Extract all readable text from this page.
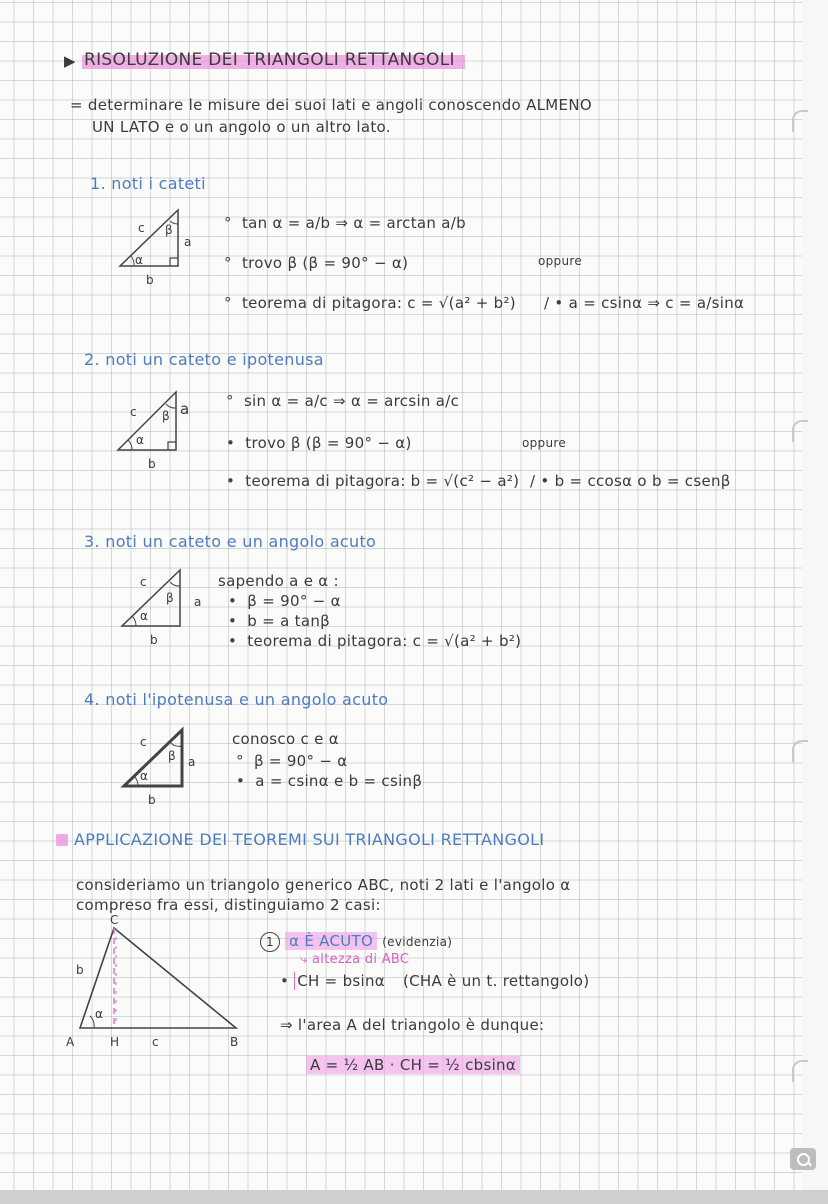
▶ RISOLUZIONE DEI TRIANGOLI RETTANGOLI
= determinare le misure dei suoi lati e angoli conoscendo ALMENO
UN LATO e o un angolo o un altro lato.
1. noti i cateti
c
a
b
α
β	°  tan α = a/b ⇒ α = arctan a/b
°  trovo β (β = 90° − α)	oppure
°  teorema di pitagora: c = √(a² + b²) / • a = csinα ⇒ c = a/sinα
2. noti un cateto e ipotenusa
c
b
α
β a °  sin α = a/c ⇒ α = arcsin a/c
•  trovo β (β = 90° − α)	oppure
•  teorema di pitagora: b = √(c² − a²) / • b = ccosα o b = csenβ
3. noti un cateto e un angolo acuto
c
a
b
α
β
sapendo a e α :
•  β = 90° − α
•  b = a tanβ
•  teorema di pitagora: c = √(a² + b²)
4. noti l'ipotenusa e un angolo acuto
c
a
b
α
β
conosco c e α
°  β = 90° − α
•  a = csinα e b = csinβ
APPLICAZIONE DEI TEOREMI SUI TRIANGOLI RETTANGOLI
consideriamo un triangolo generico ABC, noti 2 lati e l'angolo α
compreso fra essi, distinguiamo 2 casi:
C
b
α
A	H	c	B
1 α È ACUTO (evidenzia)
⤷ altezza di ABC
• CH = bsinα (CHA è un t. rettangolo)
⇒ l'area A del triangolo è dunque:
A = ½ AB · CH = ½ cbsinα
